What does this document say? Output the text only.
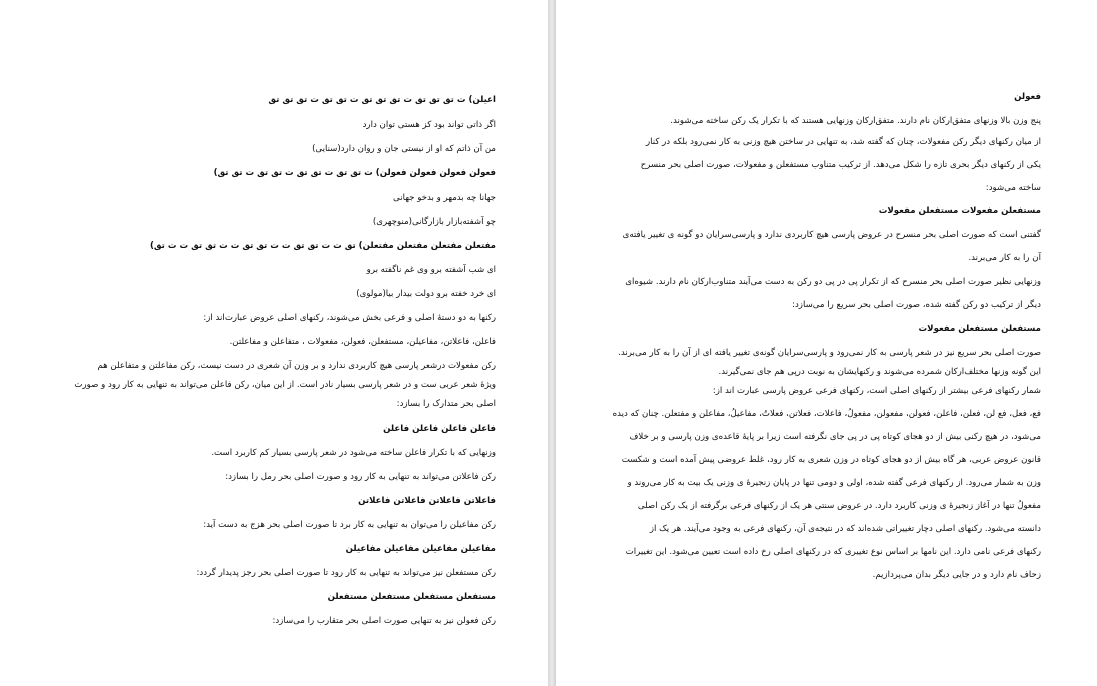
اعیلن) ت تق تق تق ت تق تق تق ت تق تق ت تق تق تق
اگر ذاتی تواند بود کز هستی توان دارد
من آن ذاتم که او از نیستی جان و روان دارد(سنایی)
فعولن فعولن فعولن فعولن) ت تق تق ت تق تق ت تق تق ت تق تق)
جهانا چه بدمهر و بدخو جهانی
چو آشفته‌بازار بازارگانی(منوچهری)
مفتعلن مفتعلن مفتعلن مفتعلن) تق ت ت تق تق ت ت تق تق ت ت تق تق ت ت تق)
ای شب آشفته برو وی غم ناگفته برو
ای خرد خفته برو دولت بیدار بیا(مولوی)
رکنها به دو دستهٔ اصلی و فرعی بخش می‌شوند، رکنهای اصلی عروض عبارت‌اند از:
فاعلن، فاعلاتن، مفاعیلن، مستفعلن، فعولن، مفعولات ، متفاعلن و مفاعلتن.
رکن مفعولات درشعر پارسی هیچ کاربردی ندارد و بر وزن آن شعری در دست نیست، رکن مفاعلتن و متفاعلن هم
ویژهٔ شعر عربی ست و در شعر پارسی بسیار نادر است. از این میان، رکن فاعلن می‌تواند به تنهایی به کار رود و صورت
اصلی بحر متدارک را بسازد:
فاعلن فاعلن فاعلن فاعلن
وزنهایی که با تکرار فاعلن ساخته می‌شود در شعر پارسی بسیار کم کاربرد است.
رکن فاعلاتن می‌تواند به تنهایی به کار رود و صورت اصلی بحر رمل را بسازد:
فاعلاتن فاعلاتن فاعلاتن فاعلاتن
رکن مفاعیلن را می‌توان به تنهایی به کار برد تا صورت اصلی بحر هزج به دست آید:
مفاعیلن مفاعیلن مفاعیلن مفاعیلن
رکن مستفعلن نیز می‌تواند به تنهایی به کار رود تا صورت اصلی بحر رجز پدیدار گردد:
مستفعلن مستفعلن مستفعلن مستفعلن
رکن فعولن نیز به تنهایی صورت اصلی بحر متقارب را می‌سازد:
فعولن
پنج وزن بالا وزنهای متفق‌ارکان نام دارند. متفق‌ارکان وزنهایی هستند که با تکرار یک رکن ساخته می‌شوند.
از میان رکنهای دیگر رکن مفعولات، چنان که گفته شد، به تنهایی در ساختن هیچ وزنی به کار نمی‌رود بلکه در کنار
یکی از رکنهای دیگر بحری تازه را شکل می‌دهد. از ترکیب متناوب مستفعلن و مفعولات، صورت اصلی بحر منسرح
ساخته می‌شود:
مستفعلن مفعولات مستفعلن مفعولات
گفتنی است که صورت اصلی بحر منسرح در عروض پارسی هیچ کاربردی ندارد و پارسی‌سرایان دو گونه ی تغییر یافته‌ی
آن را به کار می‌برند.
وزنهایی نظیر صورت اصلی بحر منسرح که از تکرار پی در پی دو رکن به دست می‌آیند متناوب‌ارکان نام دارند. شیوه‌ای
دیگر از ترکیب دو رکن گفته شده، صورت اصلی بحر سریع را می‌سازد:
مستفعلن مستفعلن مفعولات
صورت اصلی بحر سریع نیز در شعر پارسی به کار نمی‌رود و پارسی‌سرایان گونه‌ی تغییر یافته ای از آن را به کار می‌برند.
این گونه وزنها مختلف‌ارکان شمرده می‌شوند و رکنهایشان به نوبت درپی هم جای نمی‌گیرند.
شمار رکنهای فرعی بیشتر از رکنهای اصلی است، رکنهای فرعی عروض پارسی عبارت اند از:
فع، فعل، فع لن، فعلن، فاعلن، فعولن، مفعولن، مفعولُ، فاعلات، فعلاتن، فعلاتُ، مفاعیلُ، مفاعلن و مفتعلن. چنان که دیده
می‌شود، در هیچ رکنی بیش از دو هجای کوتاه پی در پی جای نگرفته است زیرا بر پایهٔ قاعده‌ی وزن پارسی و بر خلاف
قانون عروض عربی، هر گاه بیش از دو هجای کوتاه در وزن شعری به کار رود، غلط عروضی پیش آمده است و شکست
وزن به شمار می‌رود. از رکنهای فرعی گفته شده، اولی و دومی تنها در پایان زنجیرهٔ ی وزنی یک بیت به کار می‌روند و
مفعولُ تنها در آغاز زنجیرهٔ ی وزنی کاربرد دارد. در عروض سنتی هر یک از رکنهای فرعی برگرفته از یک رکن اصلی
دانسته می‌شود. رکنهای اصلی دچار تغییراتی شده‌اند که در نتیجه‌ی آن، رکنهای فرعی به وجود می‌آیند. هر یک از
رکنهای فرعی نامی دارد. این نامها بر اساس نوع تغییری که در رکنهای اصلی رخ داده است تعیین می‌شود. این تغییرات
زحاف نام دارد و در جایی دیگر بدان می‌پردازیم.
